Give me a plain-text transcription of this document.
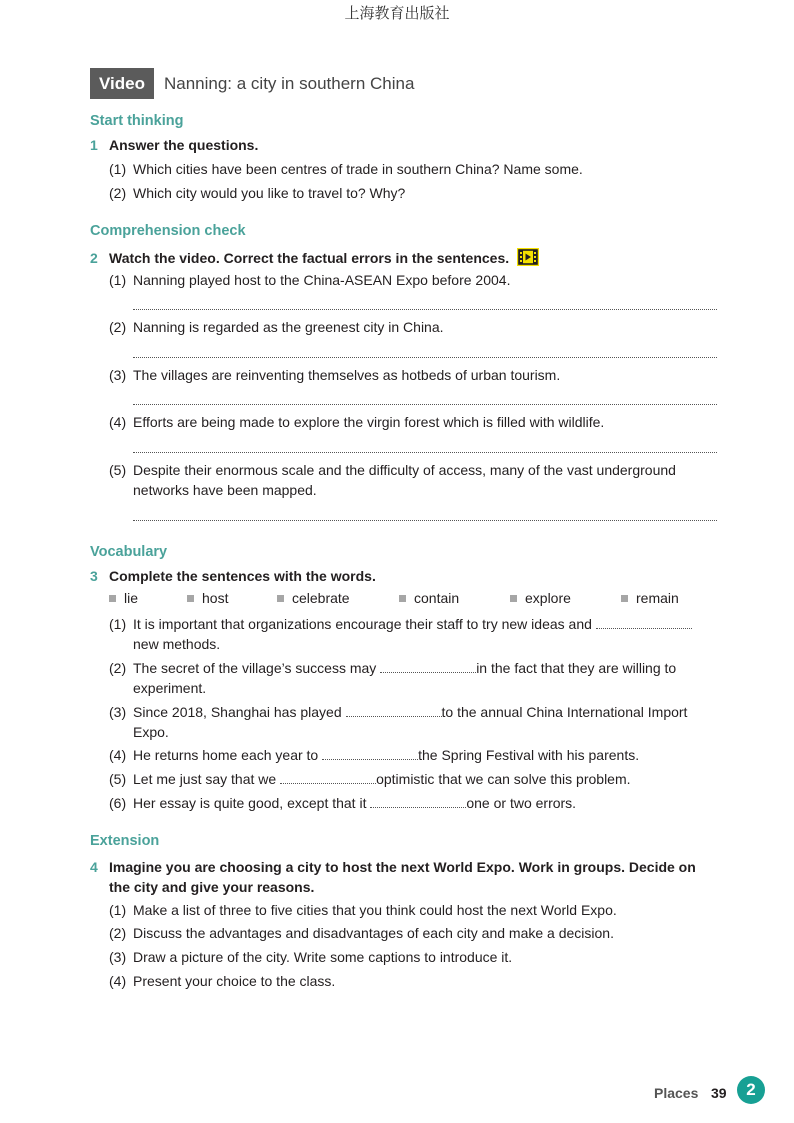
上海教育出版社
Video	Nanning: a city in southern China
Start thinking
1 Answer the questions.
(1) Which cities have been centres of trade in southern China? Name some.
(2) Which city would you like to travel to? Why?
Comprehension check
2 Watch the video. Correct the factual errors in the sentences.
(1) Nanning played host to the China-ASEAN Expo before 2004.
(2) Nanning is regarded as the greenest city in China.
(3) The villages are reinventing themselves as hotbeds of urban tourism.
(4) Efforts are being made to explore the virgin forest which is filled with wildlife.
(5) Despite their enormous scale and the difficulty of access, many of the vast underground networks have been mapped.
Vocabulary
3 Complete the sentences with the words.
lie	host	celebrate	contain	explore	remain
(1) It is important that organizations encourage their staff to try new ideas and
new methods.
(2) The secret of the village’s success may	in the fact that they are willing to experiment.
(3) Since 2018, Shanghai has played	to the annual China International Import Expo.
(4) He returns home each year to	the Spring Festival with his parents.
(5) Let me just say that we	optimistic that we can solve this problem.
(6) Her essay is quite good, except that it	one or two errors.
Extension
4 Imagine you are choosing a city to host the next World Expo. Work in groups. Decide on the city and give your reasons.
(1) Make a list of three to five cities that you think could host the next World Expo.
(2) Discuss the advantages and disadvantages of each city and make a decision.
(3) Draw a picture of the city. Write some captions to introduce it.
(4) Present your choice to the class.
Places 39	2
